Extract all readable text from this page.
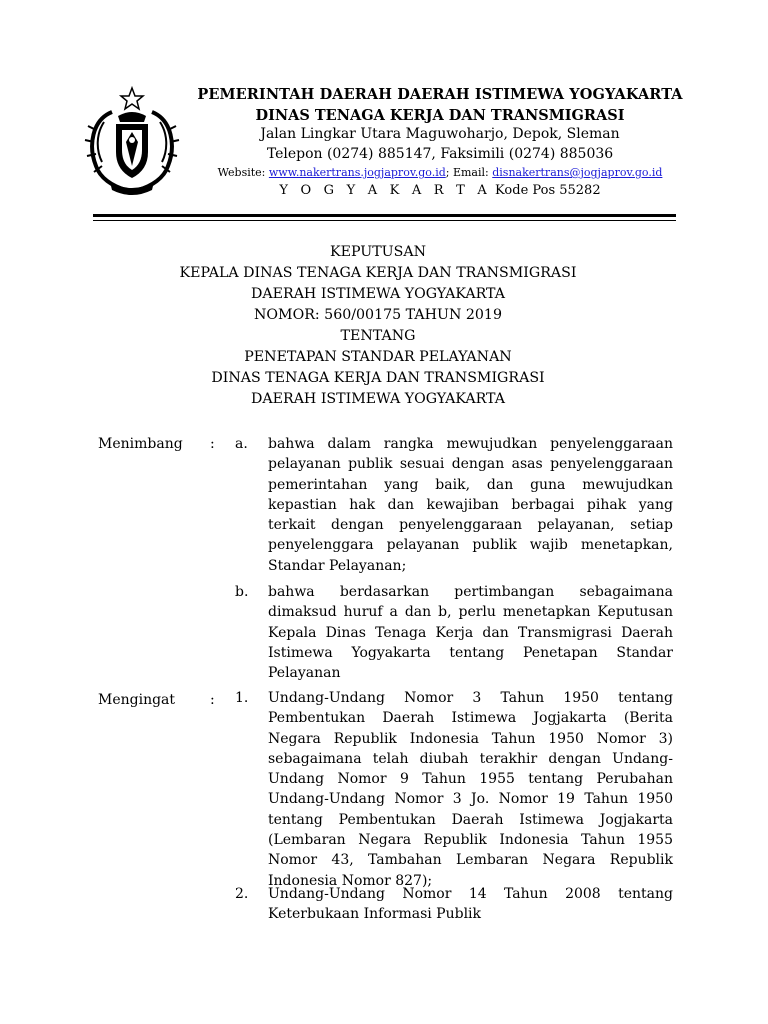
PEMERINTAH DAERAH DAERAH ISTIMEWA YOGYAKARTA
DINAS TENAGA KERJA DAN TRANSMIGRASI
Jalan Lingkar Utara Maguwoharjo, Depok, Sleman
Telepon (0274) 885147, Faksimili (0274) 885036
Website: www.nakertrans.jogjaprov.go.id; Email: disnakertrans@jogjaprov.go.id
Y O G Y A K A R T A Kode Pos 55282
KEPUTUSAN
KEPALA DINAS TENAGA KERJA DAN TRANSMIGRASI
DAERAH ISTIMEWA YOGYAKARTA
NOMOR: 560/00175 TAHUN 2019
TENTANG
PENETAPAN STANDAR PELAYANAN
DINAS TENAGA KERJA DAN TRANSMIGRASI
DAERAH ISTIMEWA YOGYAKARTA
Menimbang : a. bahwa dalam rangka mewujudkan penyelenggaraan pelayanan publik sesuai dengan asas penyelenggaraan pemerintahan yang baik, dan guna mewujudkan kepastian hak dan kewajiban berbagai pihak yang terkait dengan penyelenggaraan pelayanan, setiap penyelenggara pelayanan publik wajib menetapkan, Standar Pelayanan;

b. bahwa berdasarkan pertimbangan sebagaimana dimaksud huruf a dan b, perlu menetapkan Keputusan Kepala Dinas Tenaga Kerja dan Transmigrasi Daerah Istimewa Yogyakarta tentang Penetapan Standar Pelayanan

Mengingat : 1. Undang-Undang Nomor 3 Tahun 1950 tentang Pembentukan Daerah Istimewa Jogjakarta (Berita Negara Republik Indonesia Tahun 1950 Nomor 3) sebagaimana telah diubah terakhir dengan Undang-Undang Nomor 9 Tahun 1955 tentang Perubahan Undang-Undang Nomor 3 Jo. Nomor 19 Tahun 1950 tentang Pembentukan Daerah Istimewa Jogjakarta (Lembaran Negara Republik Indonesia Tahun 1955 Nomor 43, Tambahan Lembaran Negara Republik Indonesia Nomor 827);

2. Undang-Undang Nomor 14 Tahun 2008 tentang Keterbukaan Informasi Publik
